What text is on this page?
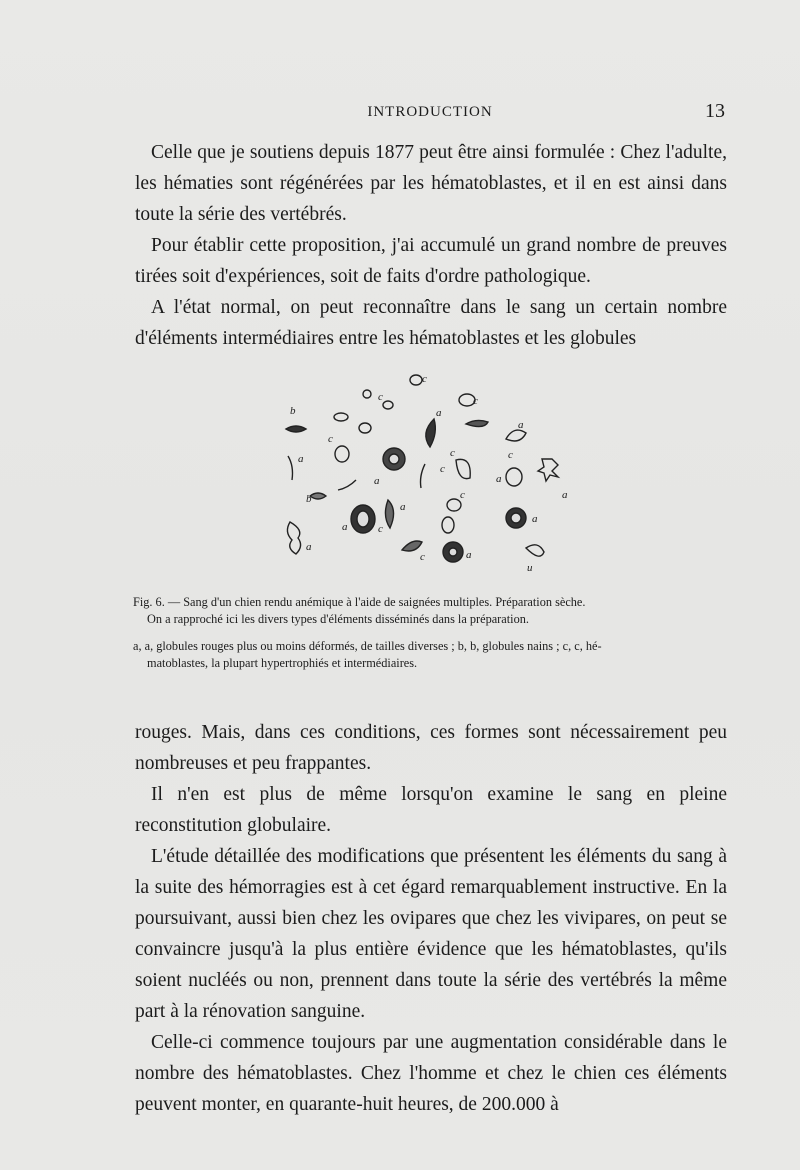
INTRODUCTION	13

Celle que je soutiens depuis 1877 peut être ainsi formulée : Chez l'adulte, les hématies sont régénérées par les hématoblastes, et il en est ainsi dans toute la série des vertébrés.

Pour établir cette proposition, j'ai accumulé un grand nombre de preuves tirées soit d'expériences, soit de faits d'ordre pathologique.

A l'état normal, on peut reconnaître dans le sang un certain nombre d'éléments intermédiaires entre les hématoblastes et les globules

c
c
b	a
c
c
a
c
b
a
c
a
c
a
a
c
a
a	c
a
a
a
c
u

Fig. 6. — Sang d'un chien rendu anémique à l'aide de saignées multiples. Préparation sèche.

On a rapproché ici les divers types d'éléments disséminés dans la préparation.

a, a, globules rouges plus ou moins déformés, de tailles diverses ; b, b, globules nains ; c, c, hé-
matoblastes, la plupart hypertrophiés et intermédiaires.

rouges. Mais, dans ces conditions, ces formes sont nécessairement peu nombreuses et peu frappantes.

Il n'en est plus de même lorsqu'on examine le sang en pleine reconstitution globulaire.

L'étude détaillée des modifications que présentent les éléments du sang à la suite des hémorragies est à cet égard remarquablement instructive. En la poursuivant, aussi bien chez les ovipares que chez les vivipares, on peut se convaincre jusqu'à la plus entière évidence que les hématoblastes, qu'ils soient nucléés ou non, prennent dans toute la série des vertébrés la même part à la rénovation sanguine.

Celle-ci commence toujours par une augmentation considérable dans le nombre des hématoblastes. Chez l'homme et chez le chien ces éléments peuvent monter, en quarante-huit heures, de 200.000 à
